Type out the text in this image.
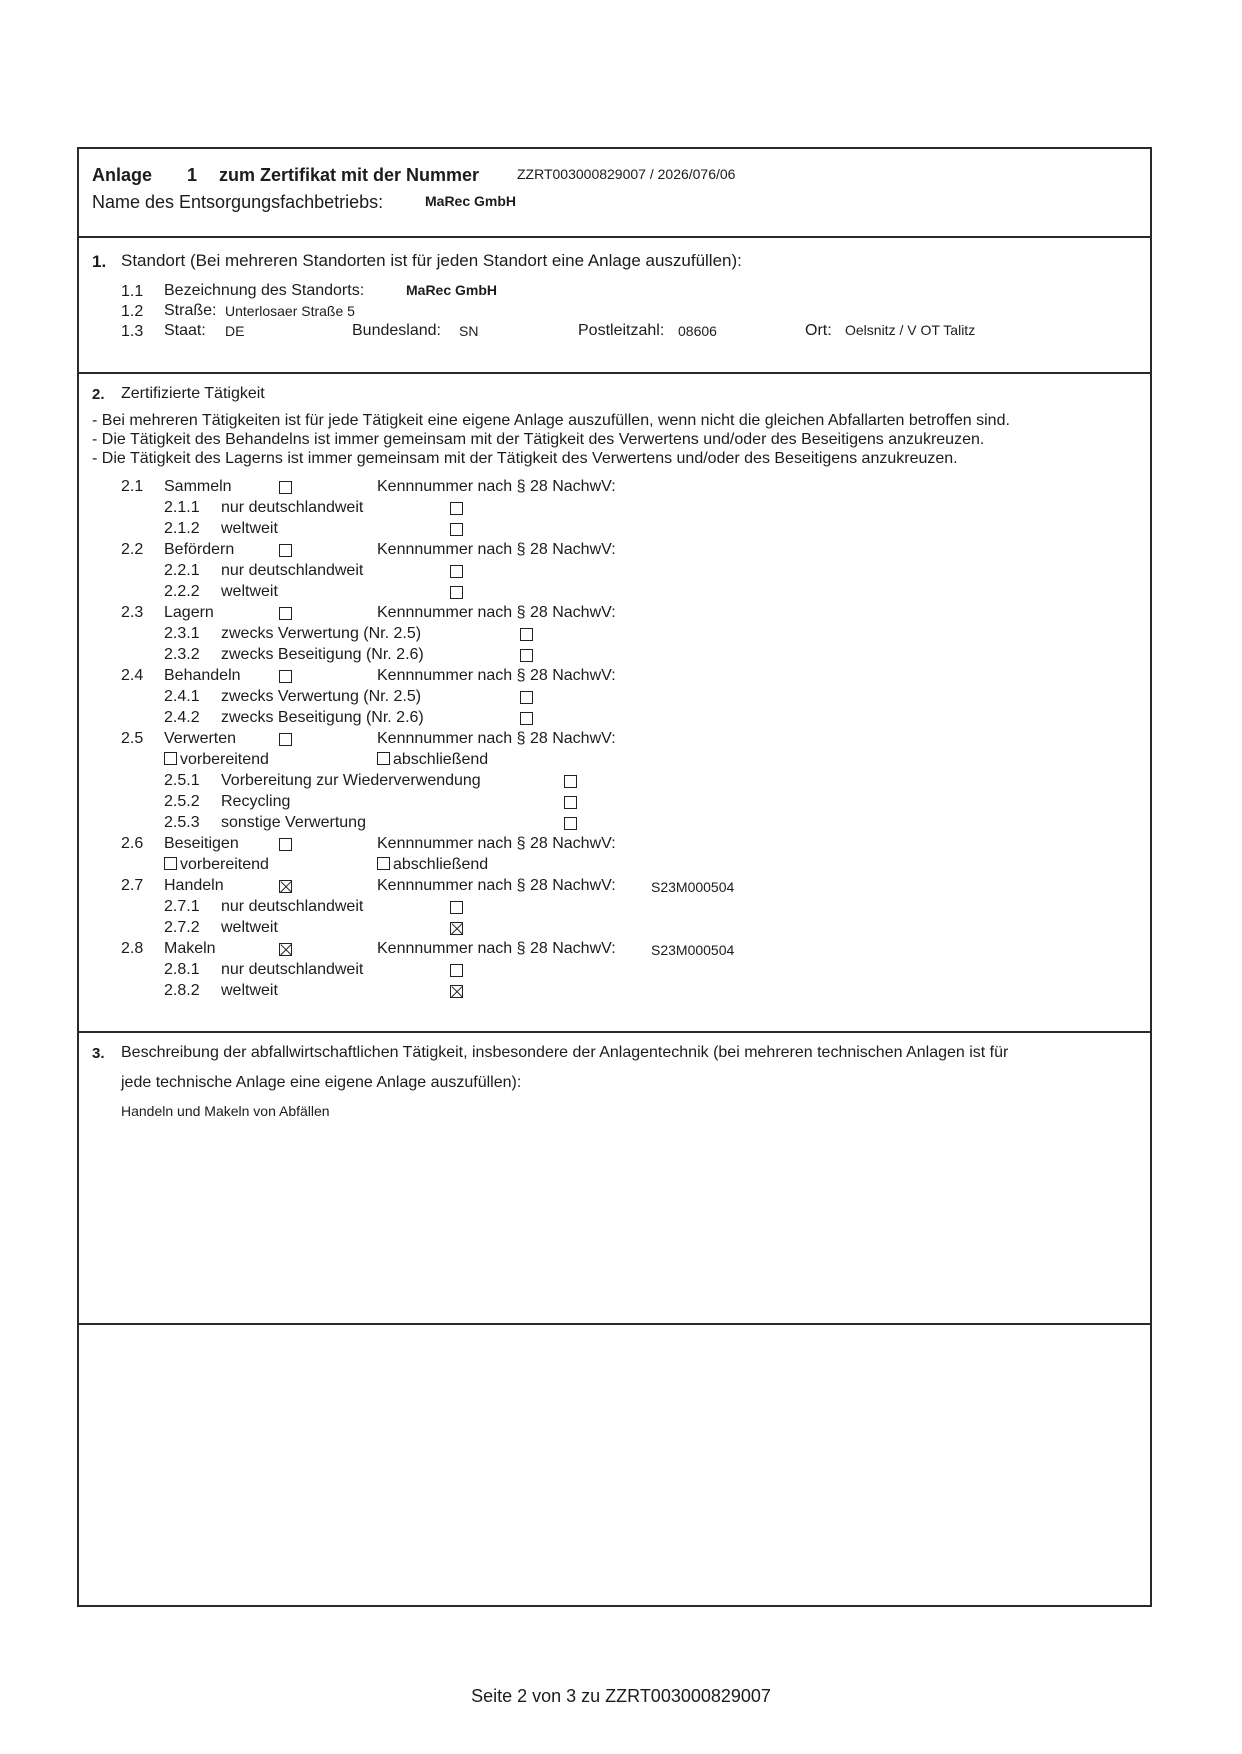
Anlage 1 zum Zertifikat mit der Nummer	ZZRT003000829007 / 2026/076/06
Name des Entsorgungsfachbetriebs:	MaRec GmbH
1. Standort (Bei mehreren Standorten ist für jeden Standort eine Anlage auszufüllen):
1.1 Bezeichnung des Standorts:	MaRec GmbH
1.2 Straße: Unterlosaer Straße 5
1.3 Staat: DE	Bundesland: SN	Postleitzahl: 08606	Ort: Oelsnitz / V OT Talitz
2. Zertifizierte Tätigkeit
- Bei mehreren Tätigkeiten ist für jede Tätigkeit eine eigene Anlage auszufüllen, wenn nicht die gleichen Abfallarten betroffen sind.
- Die Tätigkeit des Behandelns ist immer gemeinsam mit der Tätigkeit des Verwertens und/oder des Beseitigens anzukreuzen.
- Die Tätigkeit des Lagerns ist immer gemeinsam mit der Tätigkeit des Verwertens und/oder des Beseitigens anzukreuzen.
2.1 Sammeln	Kennnummer nach § 28 NachwV:
2.1.1 nur deutschlandweit
2.1.2 weltweit
2.2 Befördern	Kennnummer nach § 28 NachwV:
2.2.1 nur deutschlandweit
2.2.2 weltweit
2.3 Lagern	Kennnummer nach § 28 NachwV:
2.3.1 zwecks Verwertung (Nr. 2.5)
2.3.2 zwecks Beseitigung (Nr. 2.6)
2.4 Behandeln	Kennnummer nach § 28 NachwV:
2.4.1 zwecks Verwertung (Nr. 2.5)
2.4.2 zwecks Beseitigung (Nr. 2.6)
2.5 Verwerten	Kennnummer nach § 28 NachwV:
vorbereitend	abschließend
2.5.1 Vorbereitung zur Wiederverwendung
2.5.2 Recycling
2.5.3 sonstige Verwertung
2.6 Beseitigen	Kennnummer nach § 28 NachwV:
vorbereitend	abschließend
2.7 Handeln	Kennnummer nach § 28 NachwV:	S23M000504
2.7.1 nur deutschlandweit
2.7.2 weltweit
2.8 Makeln	Kennnummer nach § 28 NachwV:	S23M000504
2.8.1 nur deutschlandweit
2.8.2 weltweit
3. Beschreibung der abfallwirtschaftlichen Tätigkeit, insbesondere der Anlagentechnik (bei mehreren technischen Anlagen ist für
jede technische Anlage eine eigene Anlage auszufüllen):
Handeln und Makeln von Abfällen
Seite 2 von 3 zu ZZRT003000829007
